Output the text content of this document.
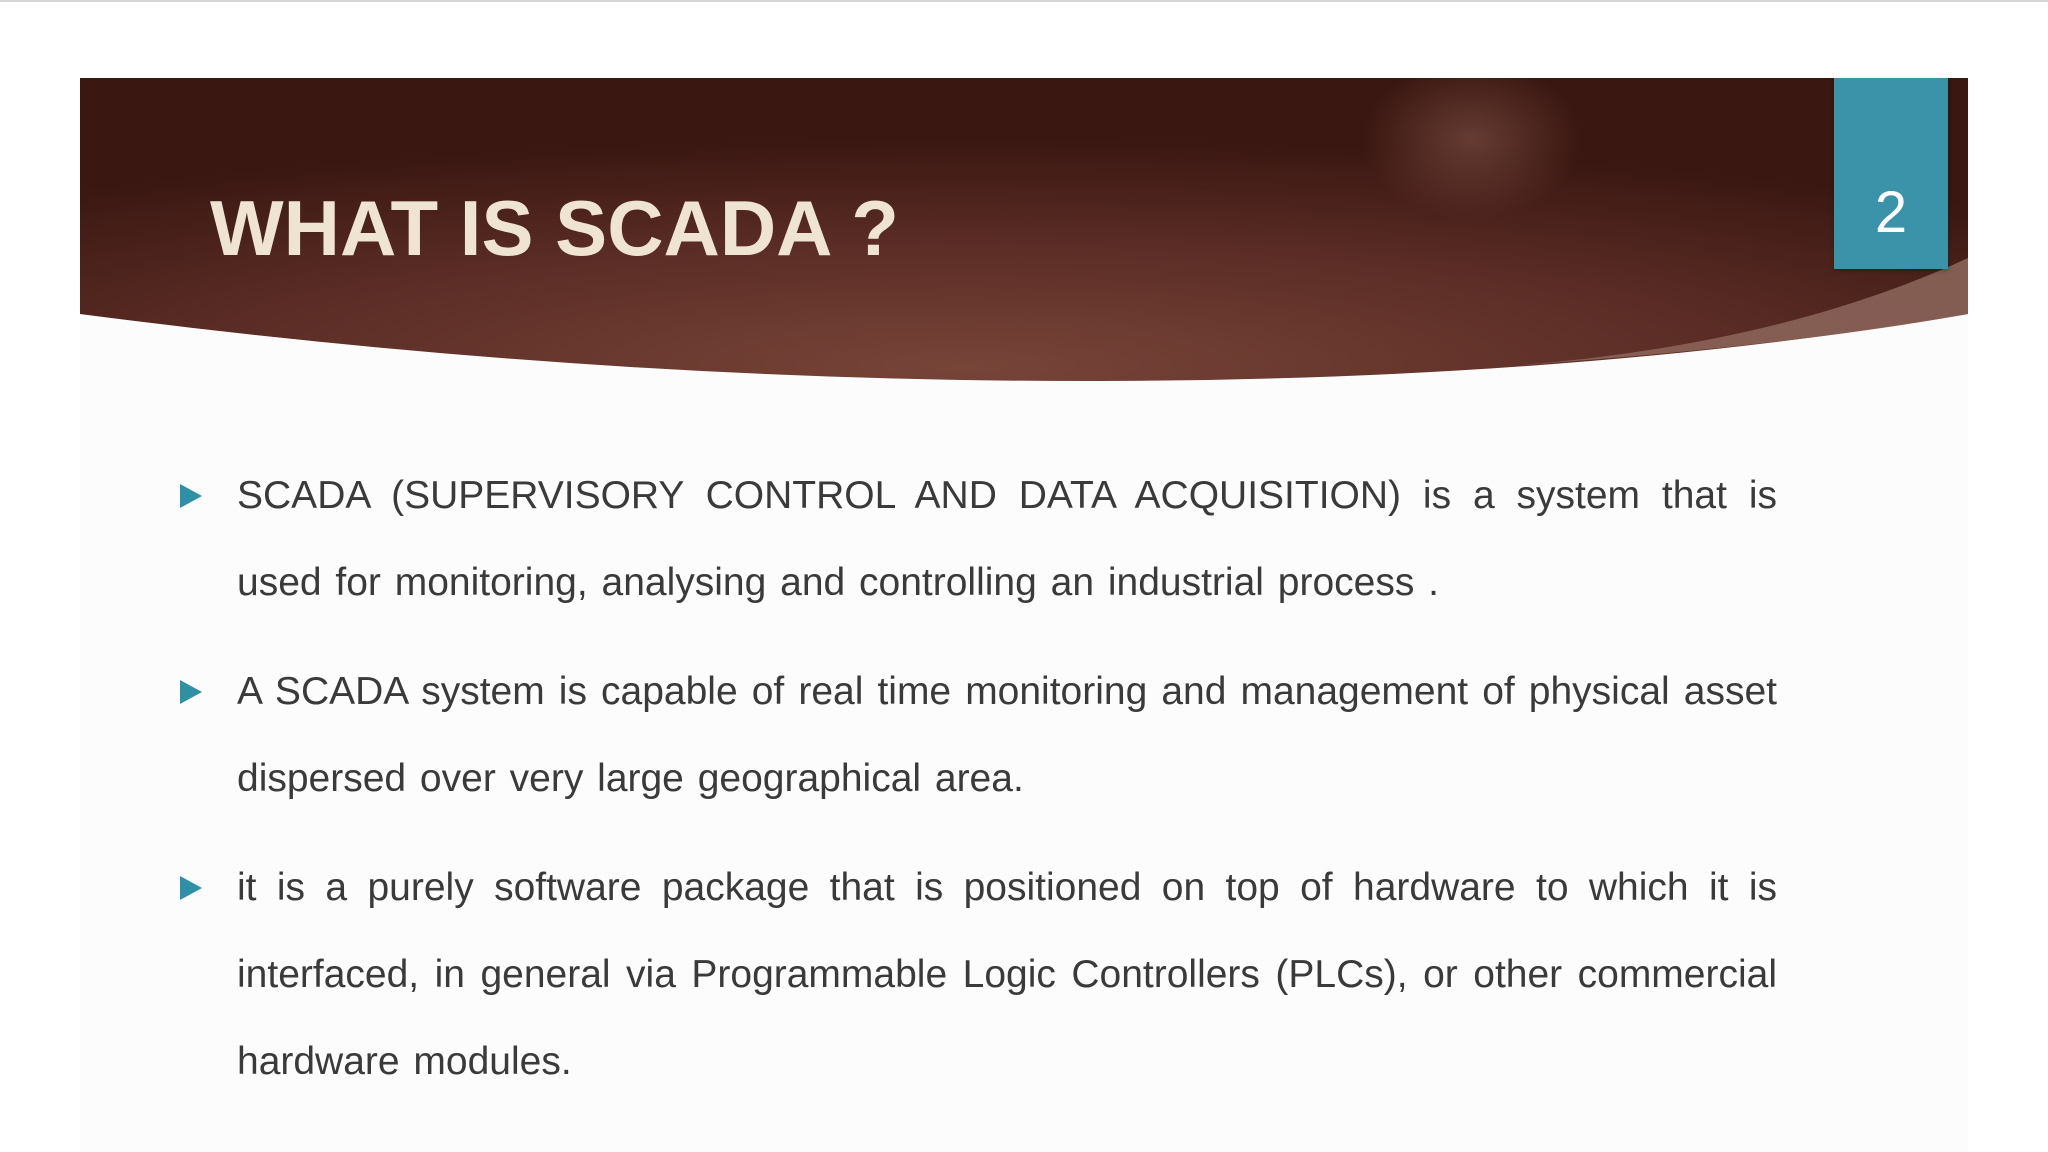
WHAT IS SCADA ?	2

SCADA (SUPERVISORY CONTROL AND DATA ACQUISITION) is a system that is used for monitoring, analysing and controlling an industrial process .

A SCADA system is capable of real time monitoring and management of physical asset dispersed over very large geographical area.

it is a purely software package that is positioned on top of hardware to which it is interfaced, in general via Programmable Logic Controllers (PLCs), or other commercial hardware modules.
